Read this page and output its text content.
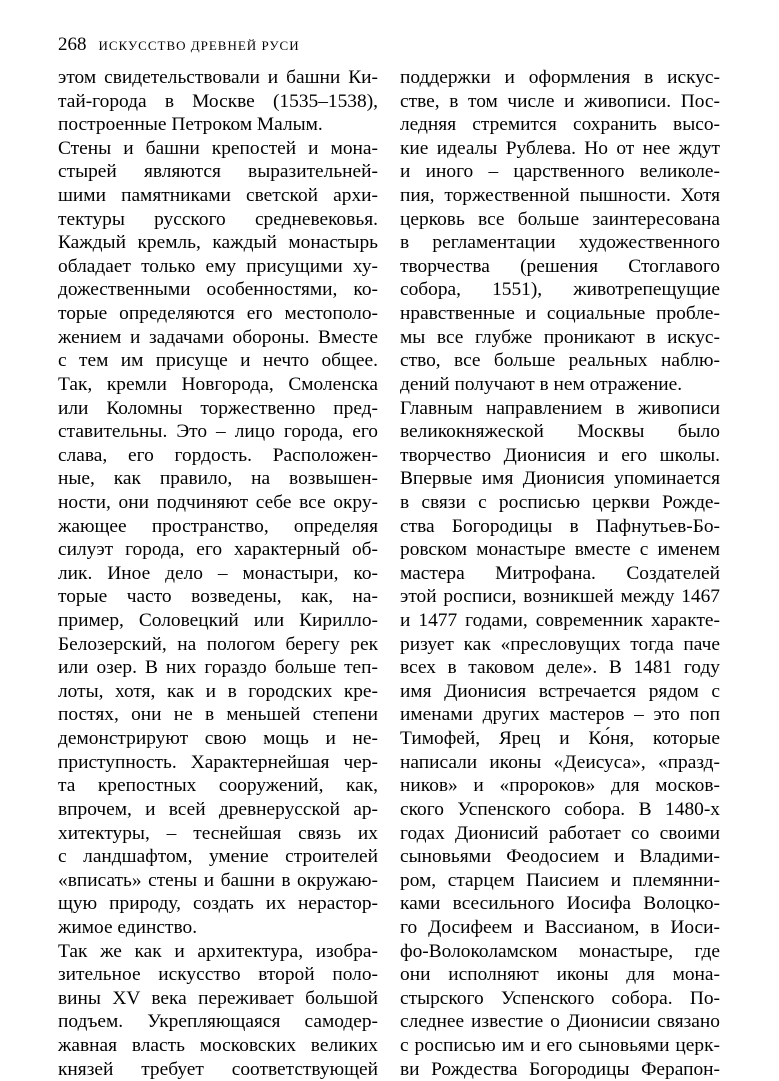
268 ИСКУССТВО ДРЕВНЕЙ РУСИ
этом свидетельствовали и башни Ки-
тай-города в Москве (1535–1538),
построенные Петроком Малым.
Стены и башни крепостей и мона-
стырей являются выразительней-
шими памятниками светской архи-
тектуры русского средневековья.
Каждый кремль, каждый монастырь
обладает только ему присущими ху-
дожественными особенностями, ко-
торые определяются его местополо-
жением и задачами обороны. Вместе
с тем им присуще и нечто общее.
Так, кремли Новгорода, Смоленска
или Коломны торжественно пред-
ставительны. Это – лицо города, его
слава, его гордость. Расположен-
ные, как правило, на возвышен-
ности, они подчиняют себе все окру-
жающее пространство, определяя
силуэт города, его характерный об-
лик. Иное дело – монастыри, ко-
торые часто возведены, как, на-
пример, Соловецкий или Кирилло-
Белозерский, на пологом берегу рек
или озер. В них гораздо больше теп-
лоты, хотя, как и в городских кре-
постях, они не в меньшей степени
демонстрируют свою мощь и не-
приступность. Характернейшая чер-
та крепостных сооружений, как,
впрочем, и всей древнерусской ар-
хитектуры, – теснейшая связь их
с ландшафтом, умение строителей
«вписать» стены и башни в окружаю-
щую природу, создать их нерастор-
жимое единство.
Так же как и архитектура, изобра-
зительное искусство второй поло-
вины XV века переживает большой
подъем. Укрепляющаяся самодер-
жавная власть московских великих
князей требует соответствующей
поддержки и оформления в искус-
стве, в том числе и живописи. Пос-
ледняя стремится сохранить высо-
кие идеалы Рублева. Но от нее ждут
и иного – царственного великоле-
пия, торжественной пышности. Хотя
церковь все больше заинтересована
в регламентации художественного
творчества (решения Стоглавого
собора, 1551), животрепещущие
нравственные и социальные пробле-
мы все глубже проникают в искус-
ство, все больше реальных наблю-
дений получают в нем отражение.
Главным направлением в живописи
великокняжеской Москвы было
творчество Дионисия и его школы.
Впервые имя Дионисия упоминается
в связи с росписью церкви Рожде-
ства Богородицы в Пафнутьев-Бо-
ровском монастыре вместе с именем
мастера Митрофана. Создателей
этой росписи, возникшей между 1467
и 1477 годами, современник характе-
ризует как «пресловущих тогда паче
всех в таковом деле». В 1481 году
имя Дионисия встречается рядом с
именами других мастеров – это поп
Тимофей, Ярец и Ко́ня, которые
написали иконы «Деисуса», «празд-
ников» и «пророков» для москов-
ского Успенского собора. В 1480-х
годах Дионисий работает со своими
сыновьями Феодосием и Владими-
ром, старцем Паисием и племянни-
ками всесильного Иосифа Волоцко-
го Досифеем и Вассианом, в Иоси-
фо-Волоколамском монастыре, где
они исполняют иконы для мона-
стырского Успенского собора. По-
следнее известие о Дионисии связано
с росписью им и его сыновьями церк-
ви Рождества Богородицы Ферапон-
